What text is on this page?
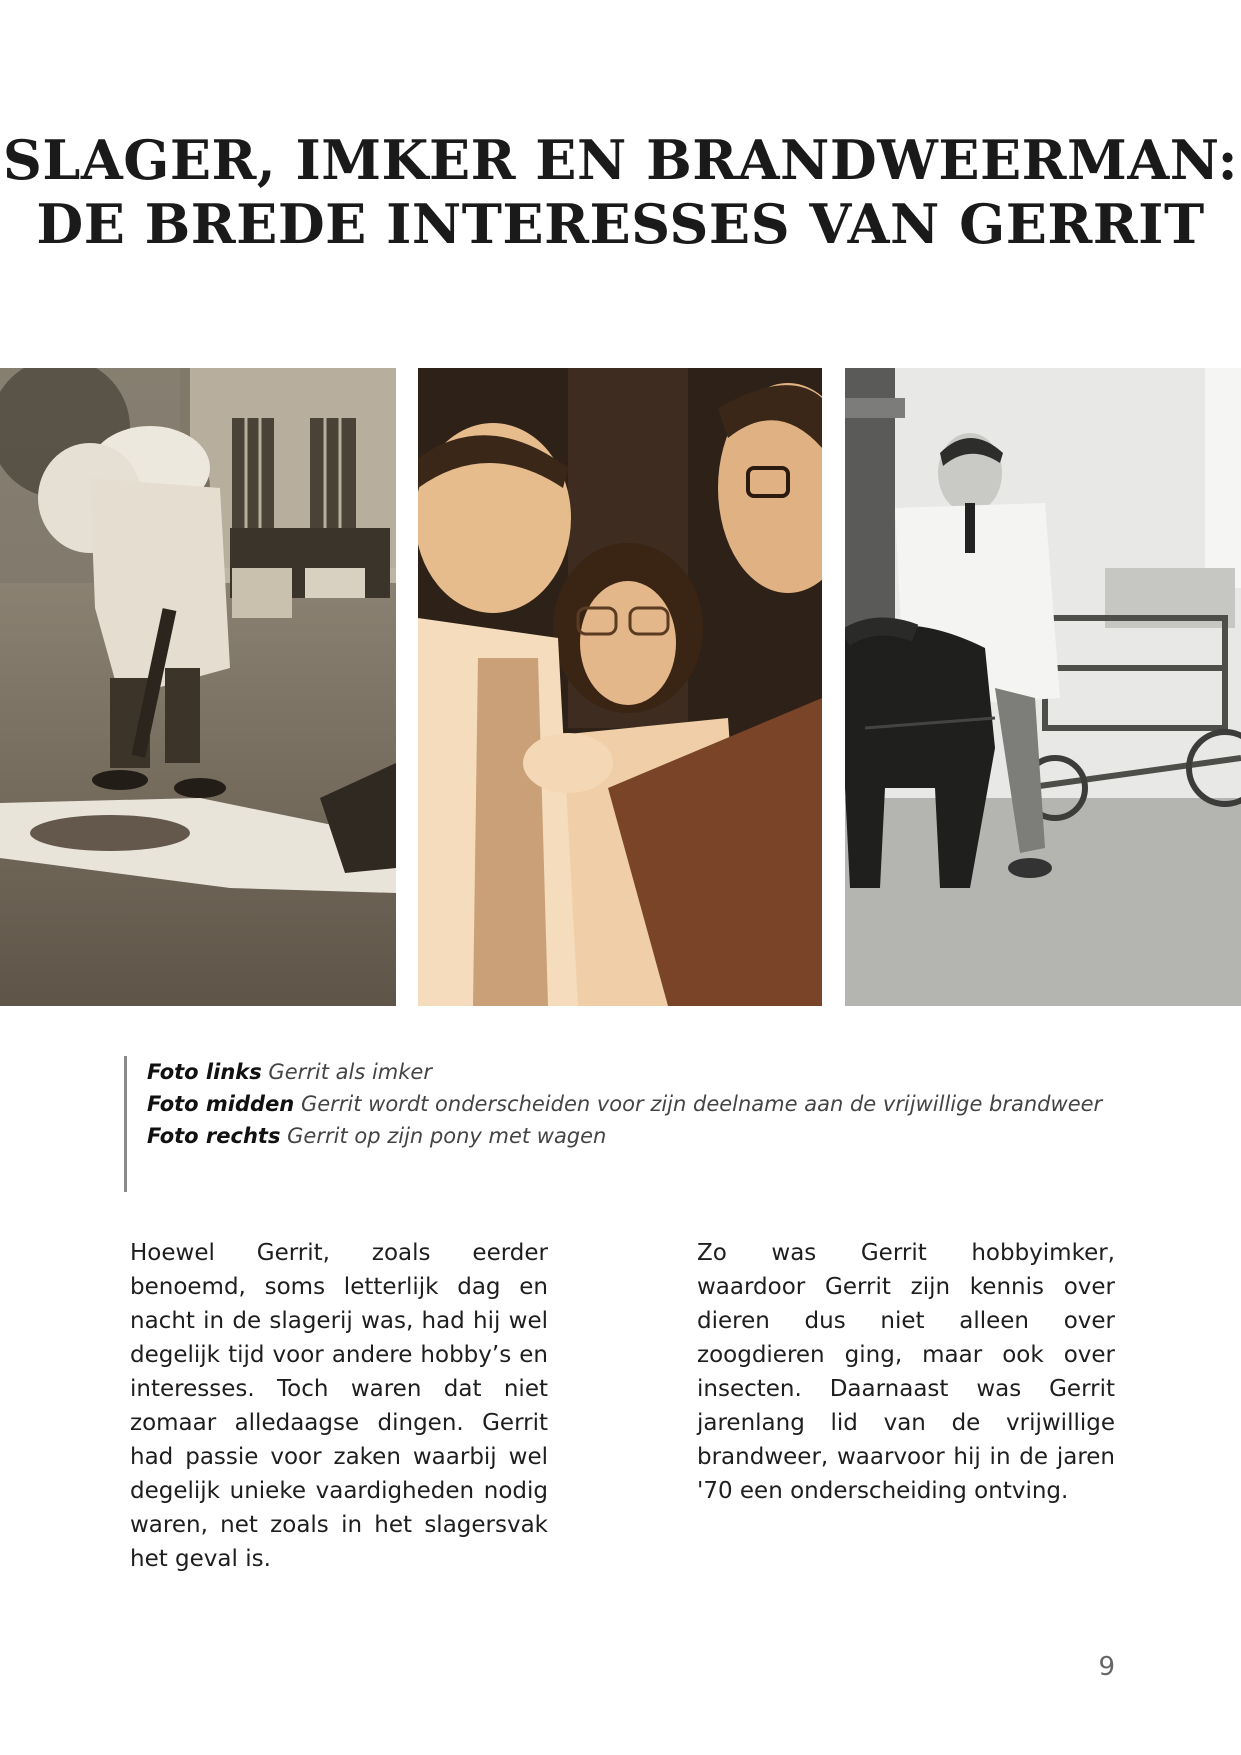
SLAGER, IMKER EN BRANDWEERMAN:
DE BREDE INTERESSES VAN GERRIT
Foto links Gerrit als imker
Foto midden Gerrit wordt onderscheiden voor zijn deelname aan de vrijwillige brandweer
Foto rechts Gerrit op zijn pony met wagen
Hoewel Gerrit, zoals eerder benoemd, soms letterlijk dag en nacht in de slagerij was, had hij wel degelijk tijd voor andere hobby’s en interesses. Toch waren dat niet zomaar alledaagse dingen. Gerrit had passie voor zaken waarbij wel degelijk unieke vaardigheden nodig waren, net zoals in het slagersvak het geval is.
Zo was Gerrit hobbyimker, waardoor Gerrit zijn kennis over dieren dus niet alleen over zoogdieren ging, maar ook over insecten. Daarnaast was Gerrit jarenlang lid van de vrijwillige brandweer, waarvoor hij in de jaren '70 een onderscheiding ontving.
9
